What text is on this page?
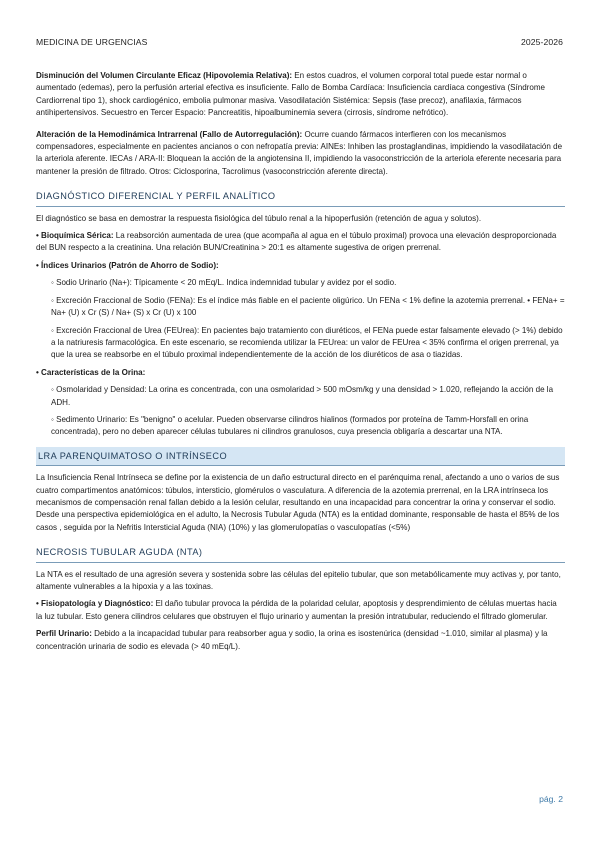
MEDICINA DE URGENCIAS	2025-2026

Disminución del Volumen Circulante Eficaz (Hipovolemia Relativa): En estos cuadros, el volumen corporal total puede estar normal o aumentado (edemas), pero la perfusión arterial efectiva es insuficiente. Fallo de Bomba Cardíaca: Insuficiencia cardíaca congestiva (Síndrome Cardiorrenal tipo 1), shock cardiogénico, embolia pulmonar masiva. Vasodilatación Sistémica: Sepsis (fase precoz), anafilaxia, fármacos antihipertensivos. Secuestro en Tercer Espacio: Pancreatitis, hipoalbuminemia severa (cirrosis, síndrome nefrótico).

Alteración de la Hemodinámica Intrarrenal (Fallo de Autorregulación): Ocurre cuando fármacos interfieren con los mecanismos compensadores, especialmente en pacientes ancianos o con nefropatía previa: AINEs: Inhiben las prostaglandinas, impidiendo la vasodilatación de la arteriola aferente. IECAs / ARA-II: Bloquean la acción de la angiotensina II, impidiendo la vasoconstricción de la arteriola eferente necesaria para mantener la presión de filtrado. Otros: Ciclosporina, Tacrolimus (vasoconstricción aferente directa).

DIAGNÓSTICO DIFERENCIAL Y PERFIL ANALÍTICO

El diagnóstico se basa en demostrar la respuesta fisiológica del túbulo renal a la hipoperfusión (retención de agua y solutos).

• Bioquímica Sérica: La reabsorción aumentada de urea (que acompaña al agua en el túbulo proximal) provoca una elevación desproporcionada del BUN respecto a la creatinina. Una relación BUN/Creatinina > 20:1 es altamente sugestiva de origen prerrenal.

• Índices Urinarios (Patrón de Ahorro de Sodio):

◦ Sodio Urinario (Na+): Típicamente < 20 mEq/L. Indica indemnidad tubular y avidez por el sodio.

◦ Excreción Fraccional de Sodio (FENa): Es el índice más fiable en el paciente oligúrico. Un FENa < 1% define la azotemia prerrenal. • FENa+ = Na+ (U) x Cr (S) / Na+ (S) x Cr (U) x 100

◦ Excreción Fraccional de Urea (FEUrea): En pacientes bajo tratamiento con diuréticos, el FENa puede estar falsamente elevado (> 1%) debido a la natriuresis farmacológica. En este escenario, se recomienda utilizar la FEUrea: un valor de FEUrea < 35% confirma el origen prerrenal, ya que la urea se reabsorbe en el túbulo proximal independientemente de la acción de los diuréticos de asa o tiazidas.

• Características de la Orina:

◦ Osmolaridad y Densidad: La orina es concentrada, con una osmolaridad > 500 mOsm/kg y una densidad > 1.020, reflejando la acción de la ADH.

◦ Sedimento Urinario: Es "benigno" o acelular. Pueden observarse cilindros hialinos (formados por proteína de Tamm-Horsfall en orina concentrada), pero no deben aparecer células tubulares ni cilindros granulosos, cuya presencia obligaría a descartar una NTA.

LRA PARENQUIMATOSO O INTRÍNSECO

La Insuficiencia Renal Intrínseca se define por la existencia de un daño estructural directo en el parénquima renal, afectando a uno o varios de sus cuatro compartimentos anatómicos: túbulos, intersticio, glomérulos o vasculatura. A diferencia de la azotemia prerrenal, en la LRA intrínseca los mecanismos de compensación renal fallan debido a la lesión celular, resultando en una incapacidad para concentrar la orina y conservar el sodio. Desde una perspectiva epidemiológica en el adulto, la Necrosis Tubular Aguda (NTA) es la entidad dominante, responsable de hasta el 85% de los casos , seguida por la Nefritis Intersticial Aguda (NIA) (10%) y las glomerulopatías o vasculopatías (<5%)

NECROSIS TUBULAR AGUDA (NTA)

La NTA es el resultado de una agresión severa y sostenida sobre las células del epitelio tubular, que son metabólicamente muy activas y, por tanto, altamente vulnerables a la hipoxia y a las toxinas.

• Fisiopatología y Diagnóstico: El daño tubular provoca la pérdida de la polaridad celular, apoptosis y desprendimiento de células muertas hacia la luz tubular. Esto genera cilindros celulares que obstruyen el flujo urinario y aumentan la presión intratubular, reduciendo el filtrado glomerular.

Perfil Urinario: Debido a la incapacidad tubular para reabsorber agua y sodio, la orina es isostenúrica (densidad ~1.010, similar al plasma) y la concentración urinaria de sodio es elevada (> 40 mEq/L).

pág. 2
